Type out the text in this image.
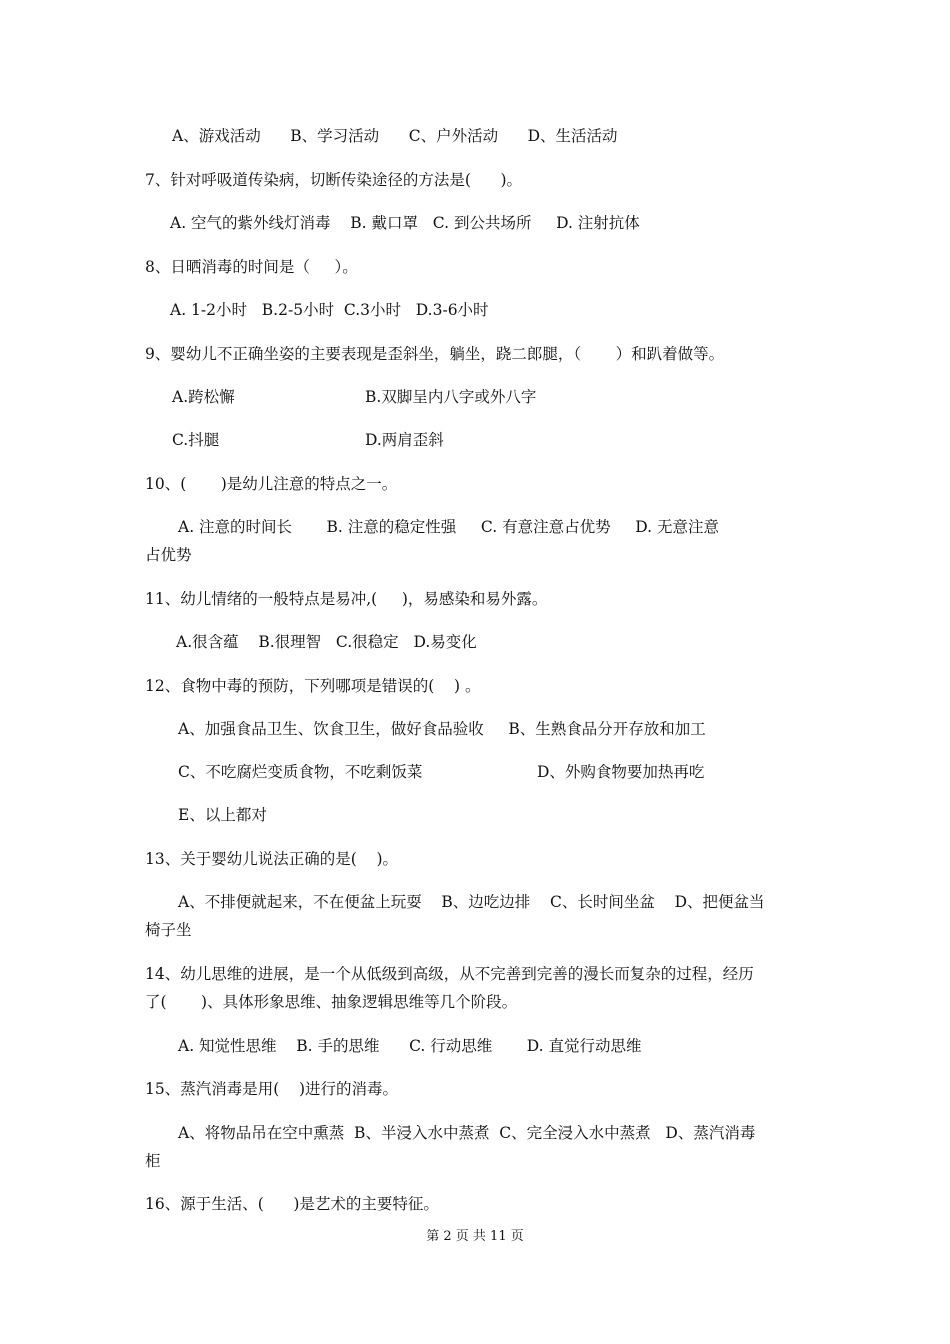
A、游戏活动      B、学习活动      C、户外活动      D、生活活动
7、针对呼吸道传染病，切断传染途径的方法是(      )。
A. 空气的紫外线灯消毒    B. 戴口罩   C. 到公共场所     D. 注射抗体
8、日晒消毒的时间是（     ）。
A. 1-2小时   B.2-5小时  C.3小时   D.3-6小时
9、婴幼儿不正确坐姿的主要表现是歪斜坐，躺坐，跷二郎腿，（       ）和趴着做等。
A.跨松懈	B.双脚呈内八字或外八字
C.抖腿	D.两肩歪斜
10、(       )是幼儿注意的特点之一。
A. 注意的时间长       B. 注意的稳定性强     C. 有意注意占优势     D. 无意注意
占优势
11、幼儿情绪的一般特点是易冲,(     )，易感染和易外露。
A.很含蕴    B.很理智   C.很稳定   D.易变化
12、食物中毒的预防，下列哪项是错误的(    ) 。
A、加强食品卫生、饮食卫生，做好食品验收     B、生熟食品分开存放和加工
C、不吃腐烂变质食物，不吃剩饭菜	D、外购食物要加热再吃
E、以上都对
13、关于婴幼儿说法正确的是(    )。
A、不排便就起来，不在便盆上玩耍    B、边吃边排    C、长时间坐盆    D、把便盆当
椅子坐
14、幼儿思维的进展，是一个从低级到高级，从不完善到完善的漫长而复杂的过程，经历
了(       )、具体形象思维、抽象逻辑思维等几个阶段。
A. 知觉性思维    B. 手的思维      C. 行动思维       D. 直觉行动思维
15、蒸汽消毒是用(    )进行的消毒。
A、将物品吊在空中熏蒸  B、半浸入水中蒸煮  C、完全浸入水中蒸煮   D、蒸汽消毒
柜
16、源于生活、(      )是艺术的主要特征。
第 2 页 共 11 页
